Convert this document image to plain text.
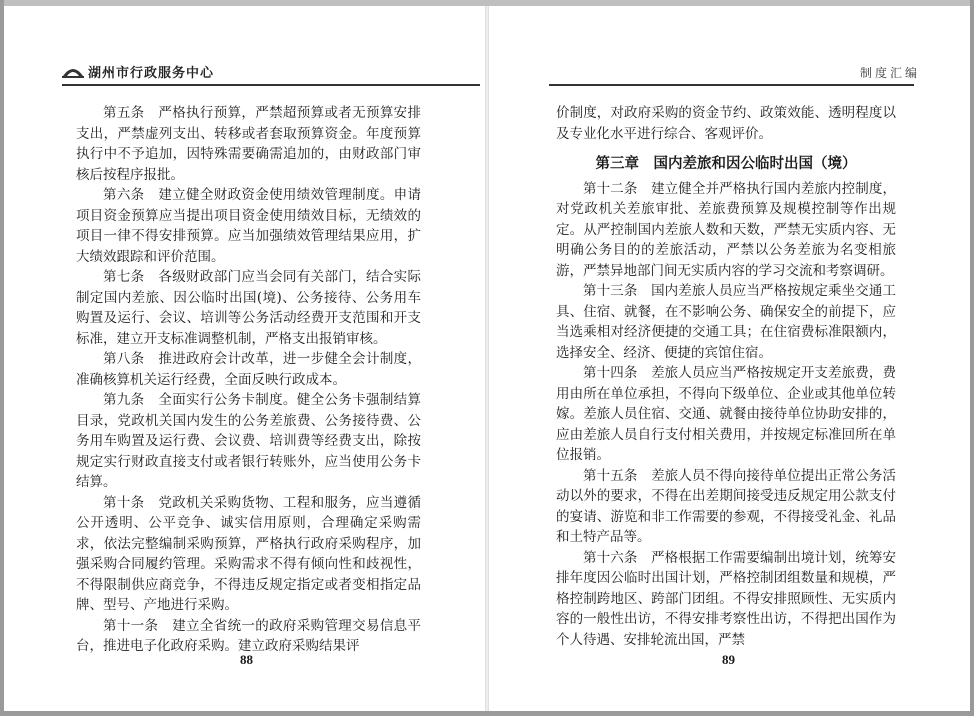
湖州市行政服务中心	制度汇编

第五条　严格执行预算，严禁超预算或者无预算安排支出，严禁虚列支出、转移或者套取预算资金。年度预算执行中不予追加，因特殊需要确需追加的，由财政部门审核后按程序报批。

第六条　建立健全财政资金使用绩效管理制度。申请项目资金预算应当提出项目资金使用绩效目标，无绩效的项目一律不得安排预算。应当加强绩效管理结果应用，扩大绩效跟踪和评价范围。

第七条　各级财政部门应当会同有关部门，结合实际制定国内差旅、因公临时出国(境)、公务接待、公务用车购置及运行、会议、培训等公务活动经费开支范围和开支标准，建立开支标准调整机制，严格支出报销审核。

第八条　推进政府会计改革，进一步健全会计制度，准确核算机关运行经费，全面反映行政成本。

第九条　全面实行公务卡制度。健全公务卡强制结算目录，党政机关国内发生的公务差旅费、公务接待费、公务用车购置及运行费、会议费、培训费等经费支出，除按规定实行财政直接支付或者银行转账外，应当使用公务卡结算。

第十条　党政机关采购货物、工程和服务，应当遵循公开透明、公平竞争、诚实信用原则，合理确定采购需求，依法完整编制采购预算，严格执行政府采购程序，加强采购合同履约管理。采购需求不得有倾向性和歧视性，不得限制供应商竞争，不得违反规定指定或者变相指定品牌、型号、产地进行采购。

第十一条　建立全省统一的政府采购管理交易信息平台，推进电子化政府采购。建立政府采购结果评

价制度，对政府采购的资金节约、政策效能、透明程度以及专业化水平进行综合、客观评价。

第三章　国内差旅和因公临时出国（境）

第十二条　建立健全并严格执行国内差旅内控制度，对党政机关差旅审批、差旅费预算及规模控制等作出规定。从严控制国内差旅人数和天数，严禁无实质内容、无明确公务目的的差旅活动，严禁以公务差旅为名变相旅游，严禁异地部门间无实质内容的学习交流和考察调研。

第十三条　国内差旅人员应当严格按规定乘坐交通工具、住宿、就餐，在不影响公务、确保安全的前提下，应当选乘相对经济便捷的交通工具；在住宿费标准限额内，选择安全、经济、便捷的宾馆住宿。

第十四条　差旅人员应当严格按规定开支差旅费，费用由所在单位承担，不得向下级单位、企业或其他单位转嫁。差旅人员住宿、交通、就餐由接待单位协助安排的，应由差旅人员自行支付相关费用，并按规定标准回所在单位报销。

第十五条　差旅人员不得向接待单位提出正常公务活动以外的要求，不得在出差期间接受违反规定用公款支付的宴请、游览和非工作需要的参观，不得接受礼金、礼品和土特产品等。

第十六条　严格根据工作需要编制出境计划，统筹安排年度因公临时出国计划，严格控制团组数量和规模，严格控制跨地区、跨部门团组。不得安排照顾性、无实质内容的一般性出访，不得安排考察性出访，不得把出国作为个人待遇、安排轮流出国，严禁

88	89
